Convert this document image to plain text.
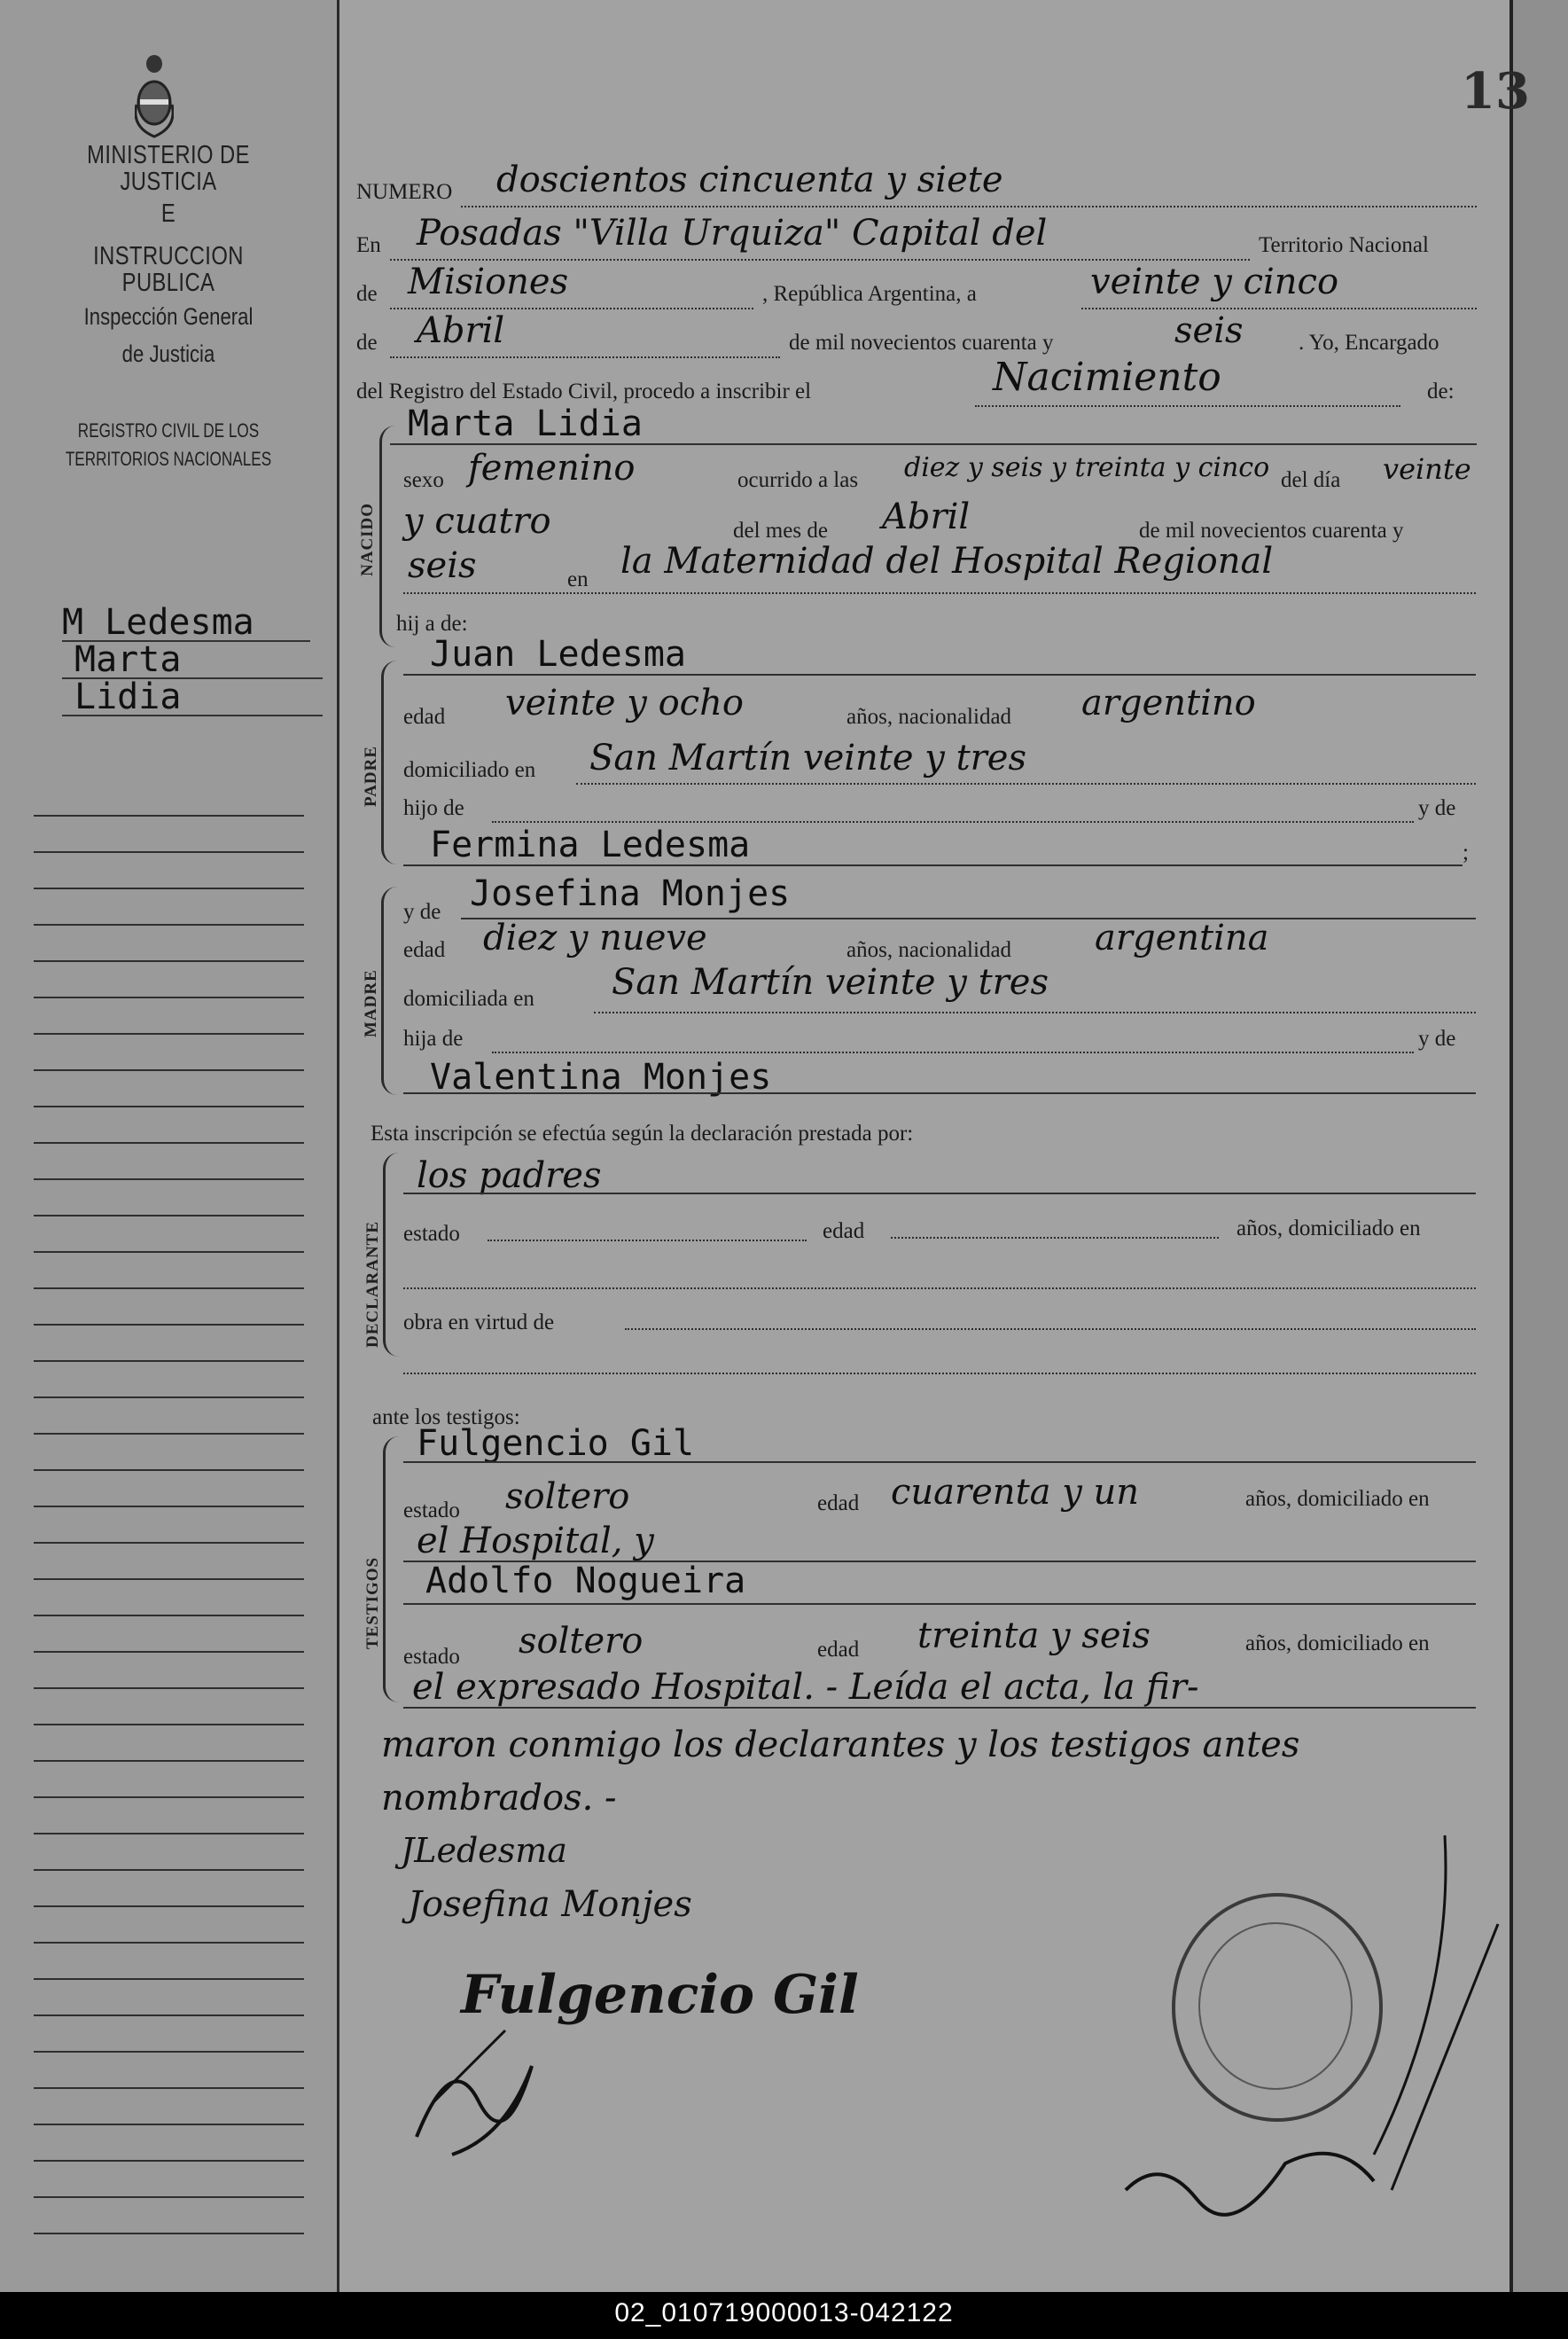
MINISTERIO DE JUSTICIA
E
INSTRUCCION PUBLICA
Inspección General
de Justicia
REGISTRO CIVIL DE LOS
TERRITORIOS NACIONALES
M Ledesma
Marta
Lidia
13
NUMERO doscientos cincuenta y siete
En Posadas "Villa Urquiza" Capital del	Territorio Nacional
de Misiones	, República Argentina, a	veinte y cinco
de Abril	de mil novecientos cuarenta y	seis . Yo, Encargado
del Registro del Estado Civil, procedo a inscribir el	Nacimiento	de:
Marta Lidia
NACIDO
sexo femenino	ocurrido a las diez y seis y treinta y cinco del día veinte
y cuatro	del mes de Abril	de mil novecientos cuarenta y
seis	en la Maternidad del Hospital Regional
hij a de:
PADRE
Juan Ledesma
edad veinte y ocho	años, nacionalidad argentino
domiciliado en San Martín veinte y tres
hijo de	y de
Fermina Ledesma	;
MADRE
y de Josefina Monjes
edad diez y nueve	años, nacionalidad argentina
domiciliada en San Martín veinte y tres
hija de	y de
Valentina Monjes
Esta inscripción se efectúa según la declaración prestada por:
DECLARANTE
los padres
estado	edad	años, domiciliado en
obra en virtud de
ante los testigos:
TESTIGOS
Fulgencio Gil
estado soltero	edad cuarenta y un	años, domiciliado en
el Hospital, y
Adolfo Nogueira
estado soltero	edad treinta y seis	años, domiciliado en
el expresado Hospital. - Leída el acta, la fir-
maron conmigo los declarantes y los testigos antes
nombrados. -
JLedesma
Josefina Monjes
Fulgencio Gil
02_010719000013-042122
